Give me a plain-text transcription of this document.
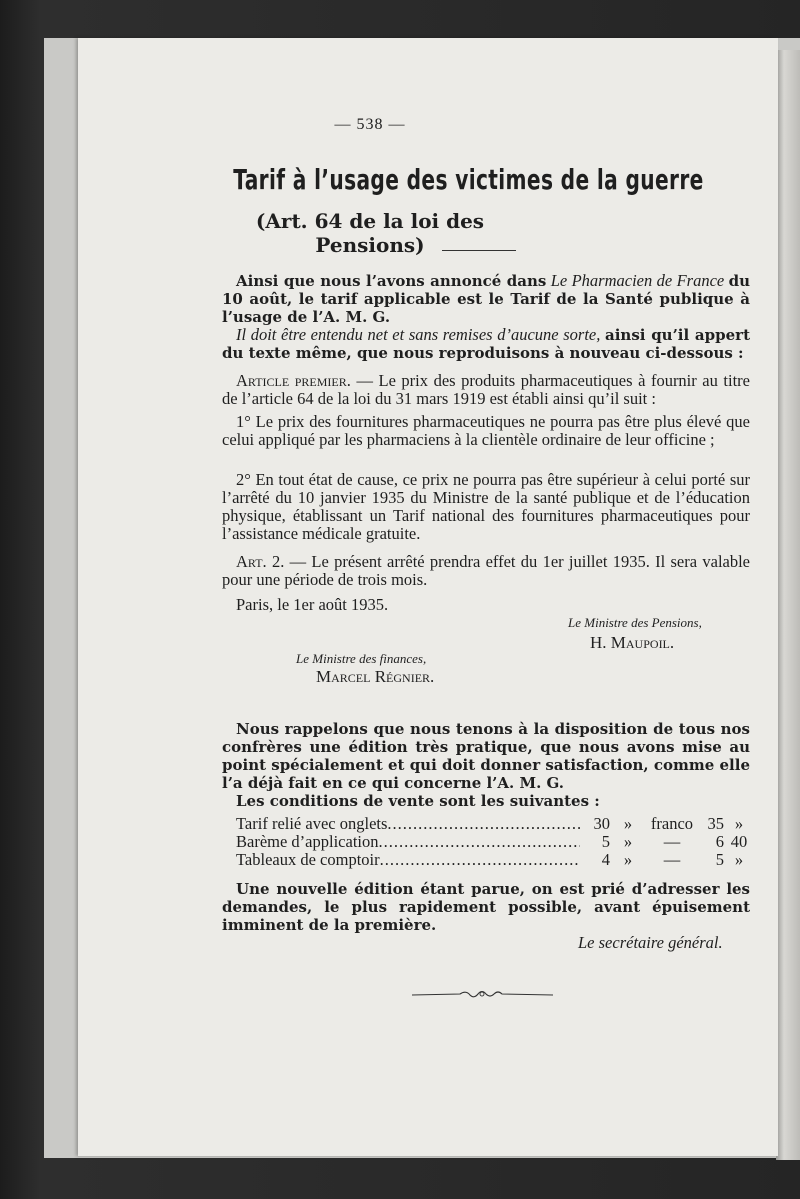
— 538 —
Tarif à l’usage des victimes de la guerre
(Art. 64 de la loi des Pensions)
Ainsi que nous l’avons annoncé dans Le Pharmacien de France du 10 août, le tarif applicable est le Tarif de la Santé publique à l’usage de l’A. M. G.
Il doit être entendu net et sans remises d’aucune sorte, ainsi qu’il appert du texte même, que nous reproduisons à nouveau ci-dessous :
Article premier. — Le prix des produits pharmaceutiques à fournir au titre de l’article 64 de la loi du 31 mars 1919 est établi ainsi qu’il suit :
1° Le prix des fournitures pharmaceutiques ne pourra pas être plus élevé que celui appliqué par les pharmaciens à la clientèle ordinaire de leur officine ;
2° En tout état de cause, ce prix ne pourra pas être supérieur à celui porté sur l’arrêté du 10 janvier 1935 du Ministre de la santé publique et de l’éducation physique, établissant un Tarif national des fournitures pharmaceutiques pour l’assistance médicale gratuite.
Art. 2. — Le présent arrêté prendra effet du 1er juillet 1935. Il sera valable pour une période de trois mois.
Paris, le 1er août 1935.
Le Ministre des Pensions,
H. Maupoil.
Le Ministre des finances,
Marcel Régnier.
Nous rappelons que nous tenons à la disposition de tous nos confrères une édition très pratique, que nous avons mise au point spécialement et qui doit donner satisfaction, comme elle l’a déjà fait en ce qui concerne l’A. M. G.
Les conditions de vente sont les suivantes :
Tarif relié avec onglets .....	30 »	franco 35 »
Barème d’application .....	5 »	—	6 40
Tableaux de comptoir .....	4 »	—	5 »
Une nouvelle édition étant parue, on est prié d’adresser les demandes, le plus rapidement possible, avant épuisement imminent de la première.
Le secrétaire général.
